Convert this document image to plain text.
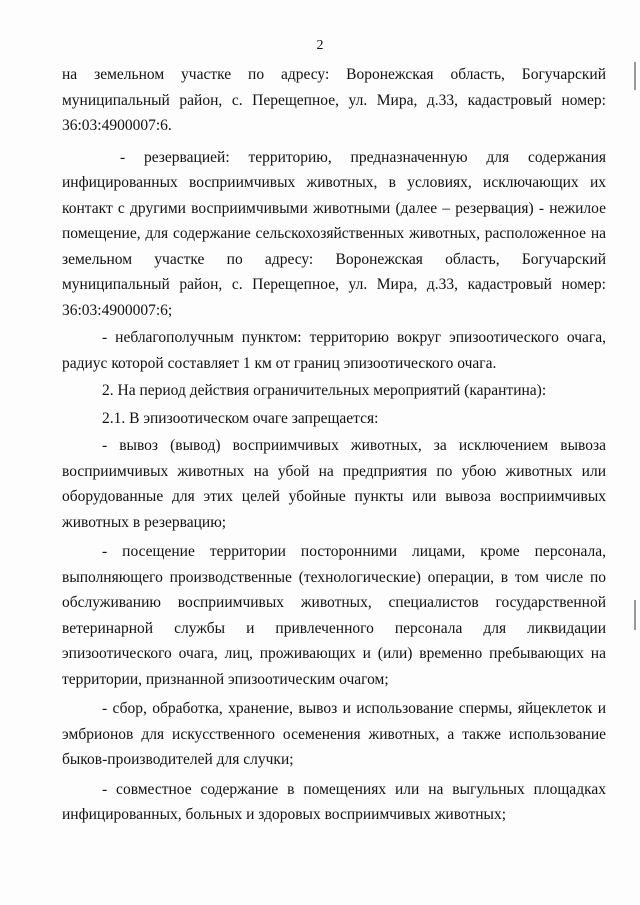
2

на земельном участке по адресу: Воронежская область, Богучарский муниципальный район, с. Перещепное, ул. Мира, д.33, кадастровый номер: 36:03:4900007:6.

- резервацией: территорию, предназначенную для содержания инфицированных восприимчивых животных, в условиях, исключающих их контакт с другими восприимчивыми животными (далее – резервация) - нежилое помещение, для содержание сельскохозяйственных животных, расположенное на земельном участке по адресу: Воронежская область, Богучарский муниципальный район, с. Перещепное, ул. Мира, д.33, кадастровый номер: 36:03:4900007:6;

- неблагополучным пунктом: территорию вокруг эпизоотического очага, радиус которой составляет 1 км от границ эпизоотического очага.

2. На период действия ограничительных мероприятий (карантина):

2.1. В эпизоотическом очаге запрещается:

- вывоз (вывод) восприимчивых животных, за исключением вывоза восприимчивых животных на убой на предприятия по убою животных или оборудованные для этих целей убойные пункты или вывоза восприимчивых животных в резервацию;

- посещение территории посторонними лицами, кроме персонала, выполняющего производственные (технологические) операции, в том числе по обслуживанию восприимчивых животных, специалистов государственной ветеринарной службы и привлеченного персонала для ликвидации эпизоотического очага, лиц, проживающих и (или) временно пребывающих на территории, признанной эпизоотическим очагом;

- сбор, обработка, хранение, вывоз и использование спермы, яйцеклеток и эмбрионов для искусственного осеменения животных, а также использование быков-производителей для случки;

- совместное содержание в помещениях или на выгульных площадках инфицированных, больных и здоровых восприимчивых животных;
